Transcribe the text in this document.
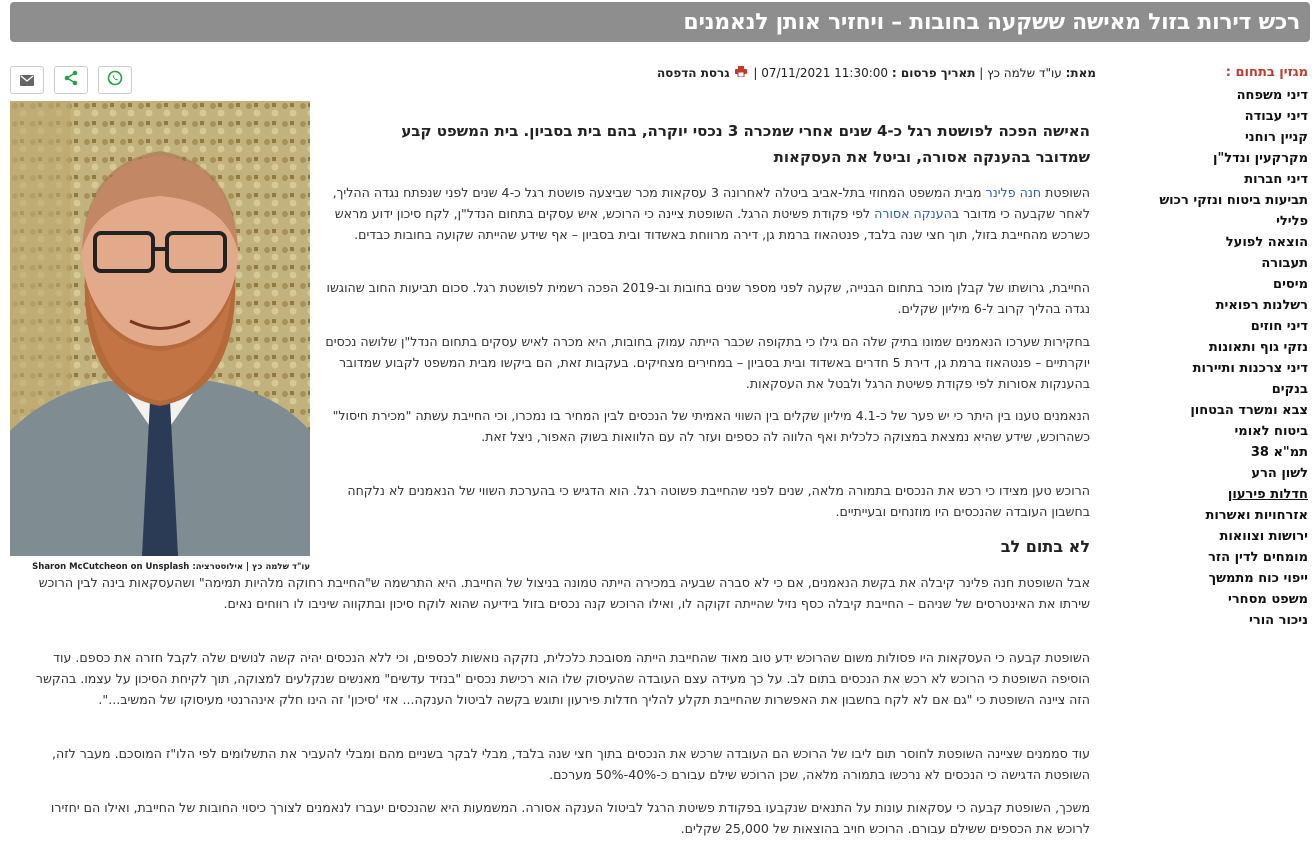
רכש דירות בזול מאישה ששקעה בחובות – ויחזיר אותן לנאמנים
מגזין בתחום :
דיני משפחה
דיני עבודה
קניין רוחני
מקרקעין ונדל"ן
דיני חברות
תביעות ביטוח ונזקי רכוש
פלילי
הוצאה לפועל
תעבורה
מיסים
רשלנות רפואית
דיני חוזים
נזקי גוף ותאונות
דיני צרכנות ותיירות
בנקים
צבא ומשרד הבטחון
ביטוח לאומי
תמ"א 38
לשון הרע
חדלות פירעון
אזרחויות ואשרות
ירושות וצוואות
מומחים לדין הזר
ייפוי כוח מתמשך
משפט מסחרי
ניכור הורי
מאת: עו"ד שלמה כץ | תאריך פרסום : 07/11/2021 11:30:00 |  גרסת הדפסה
עו"ד שלמה כץ | אילוסטרציה: Sharon McCutcheon on Unsplash
האישה הפכה לפושטת רגל כ-4 שנים אחרי שמכרה 3 נכסי יוקרה, בהם בית בסביון. בית המשפט קבע שמדובר בהענקה אסורה, וביטל את העסקאות
השופטת חנה פלינר מבית המשפט המחוזי בתל-אביב ביטלה לאחרונה 3 עסקאות מכר שביצעה פושטת רגל כ-4 שנים לפני שנפתח נגדה ההליך, לאחר שקבעה כי מדובר בהענקה אסורה לפי פקודת פשיטת הרגל. השופטת ציינה כי הרוכש, איש עסקים בתחום הנדל"ן, לקח סיכון ידוע מראש כשרכש מהחייבת בזול, תוך חצי שנה בלבד, פנטהאוז ברמת גן, דירה מרווחת באשדוד ובית בסביון – אף שידע שהייתה שקועה בחובות כבדים.
החייבת, גרושתו של קבלן מוכר בתחום הבנייה, שקעה לפני מספר שנים בחובות וב-2019 הפכה רשמית לפושטת רגל. סכום תביעות החוב שהוגשו נגדה בהליך קרוב ל-6 מיליון שקלים.
בחקירות שערכו הנאמנים שמונו בתיק שלה הם גילו כי בתקופה שכבר הייתה עמוק בחובות, היא מכרה לאיש עסקים בתחום הנדל"ן שלושה נכסים יוקרתיים – פנטהאוז ברמת גן, דירת 5 חדרים באשדוד ובית בסביון – במחירים מצחיקים. בעקבות זאת, הם ביקשו מבית המשפט לקבוע שמדובר בהענקות אסורות לפי פקודת פשיטת הרגל ולבטל את העסקאות.
הנאמנים טענו בין היתר כי יש פער של כ-4.1 מיליון שקלים בין השווי האמיתי של הנכסים לבין המחיר בו נמכרו, וכי החייבת עשתה "מכירת חיסול" כשהרוכש, שידע שהיא נמצאת במצוקה כלכלית ואף הלווה לה כספים ועזר לה עם הלוואות בשוק האפור, ניצל זאת.
הרוכש טען מצידו כי רכש את הנכסים בתמורה מלאה, שנים לפני שהחייבת פשוטה רגל. הוא הדגיש כי בהערכת השווי של הנאמנים לא נלקחה בחשבון העובדה שהנכסים היו מוזנחים ובעייתיים.
לא בתום לב
אבל השופטת חנה פלינר קיבלה את בקשת הנאמנים, אם כי לא סברה שבעיה במכירה הייתה טמונה בניצול של החייבת. היא התרשמה ש"החייבת רחוקה מלהיות תמימה" ושהעסקאות בינה לבין הרוכש שירתו את האינטרסים של שניהם – החייבת קיבלה כסף נזיל שהייתה זקוקה לו, ואילו הרוכש קנה נכסים בזול בידיעה שהוא לוקח סיכון ובתקווה שיניבו לו רווחים נאים.
השופטת קבעה כי העסקאות היו פסולות משום שהרוכש ידע טוב מאוד שהחייבת הייתה מסובכת כלכלית, נזקקה נואשות לכספים, וכי ללא הנכסים יהיה קשה לנושים שלה לקבל חזרה את כספם. עוד הוסיפה השופטת כי הרוכש לא רכש את הנכסים בתום לב. על כך מעידה עצם העובדה שהעיסוק שלו הוא רכישת נכסים "בנזיד עדשים" מאנשים שנקלעים למצוקה, תוך לקיחת הסיכון על עצמו. בהקשר הזה ציינה השופטת כי "גם אם לא לקח בחשבון את האפשרות שהחייבת תקלע להליך חדלות פירעון ותוגש בקשה לביטול הענקה... אזי 'סיכון' זה הינו חלק אינהרנטי מעיסוקו של המשיב...".
עוד סממנים שציינה השופטת לחוסר תום ליבו של הרוכש הם העובדה שרכש את הנכסים בתוך חצי שנה בלבד, מבלי לבקר בשניים מהם ומבלי להעביר את התשלומים לפי הלו"ז המוסכם. מעבר לזה, השופטת הדגישה כי הנכסים לא נרכשו בתמורה מלאה, שכן הרוכש שילם עבורם כ-40%-50% מערכם.
משכך, השופטת קבעה כי עסקאות עונות על התנאים שנקבעו בפקודת פשיטת הרגל לביטול הענקה אסורה. המשמעות היא שהנכסים יעברו לנאמנים לצורך כיסוי החובות של החייבת, ואילו הם יחזירו לרוכש את הכספים ששילם עבורם. הרוכש חויב בהוצאות של 25,000 שקלים.
